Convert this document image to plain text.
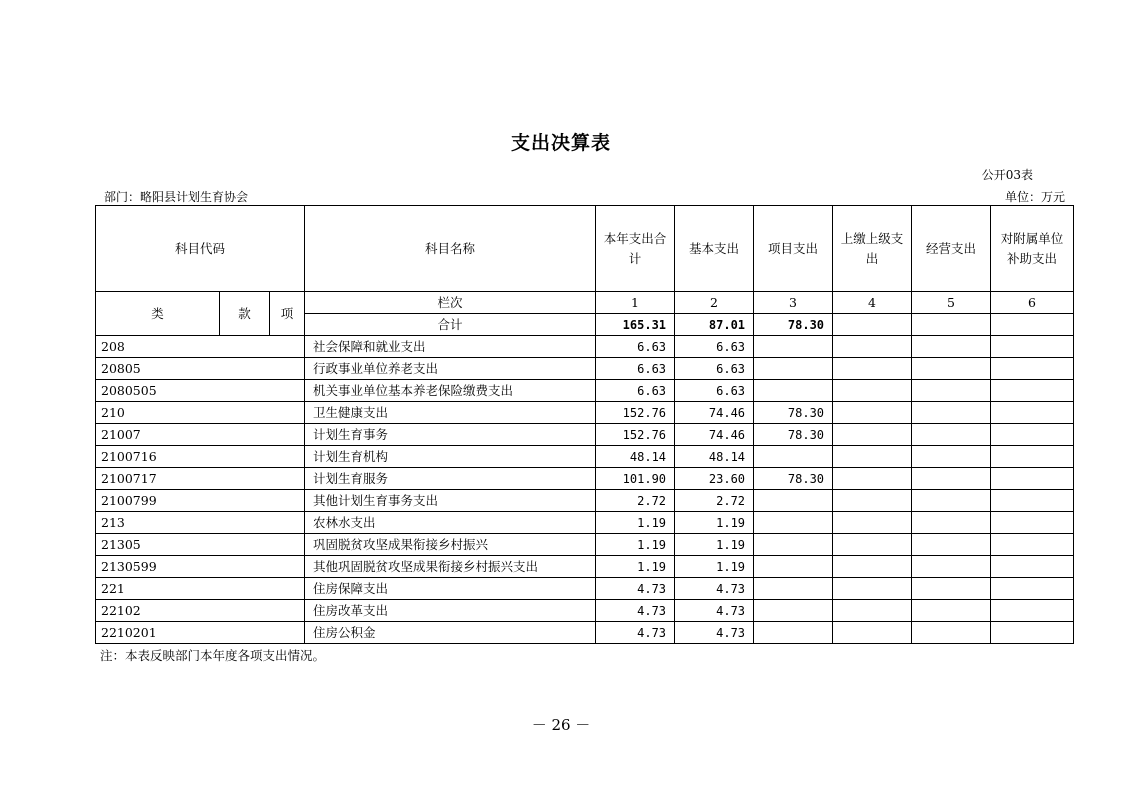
支出决算表
公开03表
部门：略阳县计划生育协会	单位：万元
科目代码			科目名称	本年支出合计	基本支出	项目支出	上缴上级支出	经营支出	对附属单位补助支出
类	款	项	栏次	1	2	3	4	5	6
			合计	165.31	87.01	78.30			
208			社会保障和就业支出	6.63	6.63				
20805			行政事业单位养老支出	6.63	6.63				
2080505			机关事业单位基本养老保险缴费支出	6.63	6.63				
210			卫生健康支出	152.76	74.46	78.30			
21007			计划生育事务	152.76	74.46	78.30			
2100716			计划生育机构	48.14	48.14				
2100717			计划生育服务	101.90	23.60	78.30			
2100799			其他计划生育事务支出	2.72	2.72				
213			农林水支出	1.19	1.19				
21305			巩固脱贫攻坚成果衔接乡村振兴	1.19	1.19				
2130599			其他巩固脱贫攻坚成果衔接乡村振兴支出	1.19	1.19				
221			住房保障支出	4.73	4.73				
22102			住房改革支出	4.73	4.73				
2210201			住房公积金	4.73	4.73				
注：本表反映部门本年度各项支出情况。
－ 26 －
